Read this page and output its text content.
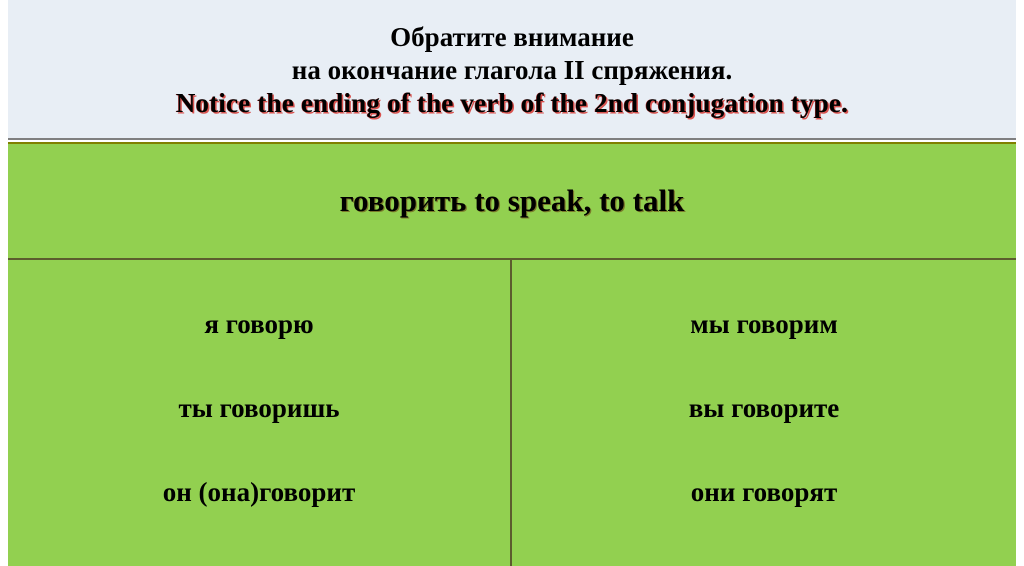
Обратите внимание
на окончание глагола II спряжения.
Notice the ending of the verb of the 2nd conjugation type.
говорить to speak, to talk
я говорю
ты говоришь
он (она)говорит
мы говорим
вы говорите
они говорят
